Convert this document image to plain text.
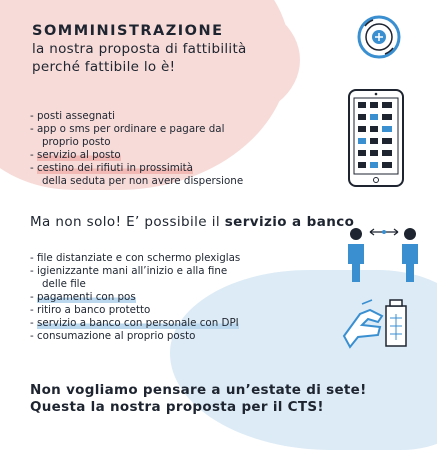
SOMMINISTRAZIONE
la nostra proposta di fattibilità
perché fattibile lo è!
- posti assegnati
- app o sms per ordinare e pagare dal
proprio posto
- servizio al posto
- cestino dei rifiuti in prossimità
della seduta per non avere dispersione
Ma non solo! E’ possibile il servizio a banco
- file distanziate e con schermo plexiglas
- igienizzante mani all’inizio e alla fine
delle file
- pagamenti con pos
- ritiro a banco protetto
- servizio a banco con personale con DPI
- consumazione al proprio posto
Non vogliamo pensare a un’estate di sete!
Questa la nostra proposta per il CTS!
